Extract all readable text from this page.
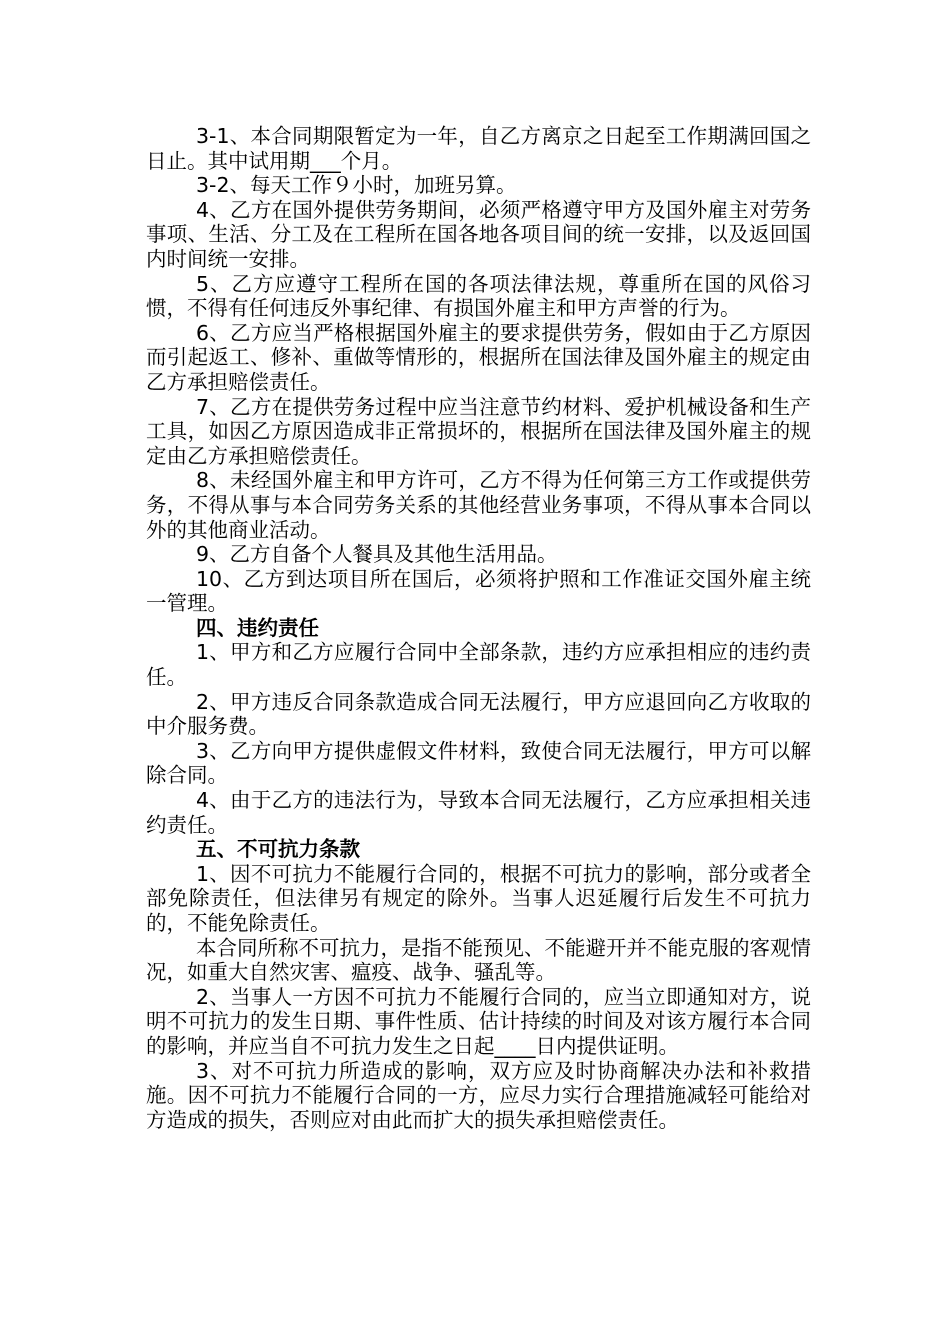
3-1、本合同期限暂定为一年，自乙方离京之日起至工作期满回国之日止。其中试用期___个月。

3-2、每天工作９小时，加班另算。

4、乙方在国外提供劳务期间，必须严格遵守甲方及国外雇主对劳务事项、生活、分工及在工程所在国各地各项目间的统一安排，以及返回国内时间统一安排。

5、乙方应遵守工程所在国的各项法律法规，尊重所在国的风俗习惯，不得有任何违反外事纪律、有损国外雇主和甲方声誉的行为。

6、乙方应当严格根据国外雇主的要求提供劳务，假如由于乙方原因而引起返工、修补、重做等情形的，根据所在国法律及国外雇主的规定由乙方承担赔偿责任。

7、乙方在提供劳务过程中应当注意节约材料、爱护机械设备和生产工具，如因乙方原因造成非正常损坏的，根据所在国法律及国外雇主的规定由乙方承担赔偿责任。

8、未经国外雇主和甲方许可，乙方不得为任何第三方工作或提供劳务，不得从事与本合同劳务关系的其他经营业务事项，不得从事本合同以外的其他商业活动。

9、乙方自备个人餐具及其他生活用品。

10、乙方到达项目所在国后，必须将护照和工作准证交国外雇主统一管理。

四、违约责任

1、甲方和乙方应履行合同中全部条款，违约方应承担相应的违约责任。

2、甲方违反合同条款造成合同无法履行，甲方应退回向乙方收取的中介服务费。

3、乙方向甲方提供虚假文件材料，致使合同无法履行，甲方可以解除合同。

4、由于乙方的违法行为，导致本合同无法履行，乙方应承担相关违约责任。

五、不可抗力条款

1、因不可抗力不能履行合同的，根据不可抗力的影响，部分或者全部免除责任，但法律另有规定的除外。当事人迟延履行后发生不可抗力的，不能免除责任。

本合同所称不可抗力，是指不能预见、不能避开并不能克服的客观情况，如重大自然灾害、瘟疫、战争、骚乱等。

2、当事人一方因不可抗力不能履行合同的，应当立即通知对方，说明不可抗力的发生日期、事件性质、估计持续的时间及对该方履行本合同的影响，并应当自不可抗力发生之日起____日内提供证明。

3、对不可抗力所造成的影响，双方应及时协商解决办法和补救措施。因不可抗力不能履行合同的一方，应尽力实行合理措施减轻可能给对方造成的损失，否则应对由此而扩大的损失承担赔偿责任。
